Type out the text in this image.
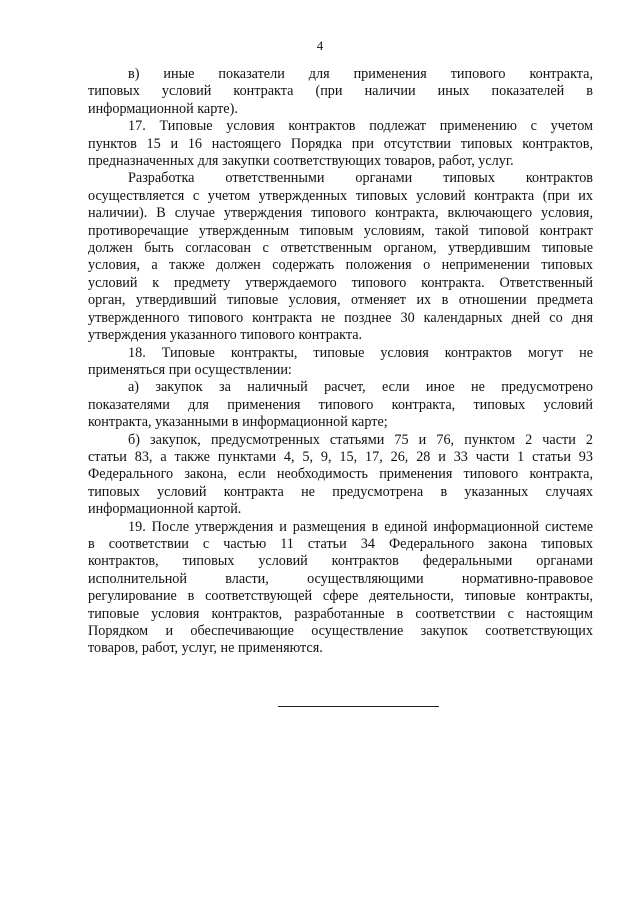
4

в) иные показатели для применения типового контракта,
типовых условий контракта (при наличии иных показателей в
информационной карте).

17. Типовые условия контрактов подлежат применению с учетом
пунктов 15 и 16 настоящего Порядка при отсутствии типовых контрактов,
предназначенных для закупки соответствующих товаров, работ, услуг.

Разработка ответственными органами типовых контрактов
осуществляется с учетом утвержденных типовых условий контракта (при их
наличии). В случае утверждения типового контракта, включающего условия,
противоречащие утвержденным типовым условиям, такой типовой контракт
должен быть согласован с ответственным органом, утвердившим типовые
условия, а также должен содержать положения о неприменении типовых
условий к предмету утверждаемого типового контракта. Ответственный
орган, утвердивший типовые условия, отменяет их в отношении предмета
утвержденного типового контракта не позднее 30 календарных дней со дня
утверждения указанного типового контракта.

18. Типовые контракты, типовые условия контрактов могут не
применяться при осуществлении:

а) закупок за наличный расчет, если иное не предусмотрено
показателями для применения типового контракта, типовых условий
контракта, указанными в информационной карте;

б) закупок, предусмотренных статьями 75 и 76, пунктом 2 части 2
статьи 83, а также пунктами 4, 5, 9, 15, 17, 26, 28 и 33 части 1 статьи 93
Федерального закона, если необходимость применения типового контракта,
типовых условий контракта не предусмотрена в указанных случаях
информационной картой.

19. После утверждения и размещения в единой информационной системе
в соответствии с частью 11 статьи 34 Федерального закона типовых
контрактов, типовых условий контрактов федеральными органами
исполнительной власти, осуществляющими нормативно-правовое
регулирование в соответствующей сфере деятельности, типовые контракты,
типовые условия контрактов, разработанные в соответствии с настоящим
Порядком и обеспечивающие осуществление закупок соответствующих
товаров, работ, услуг, не применяются.
